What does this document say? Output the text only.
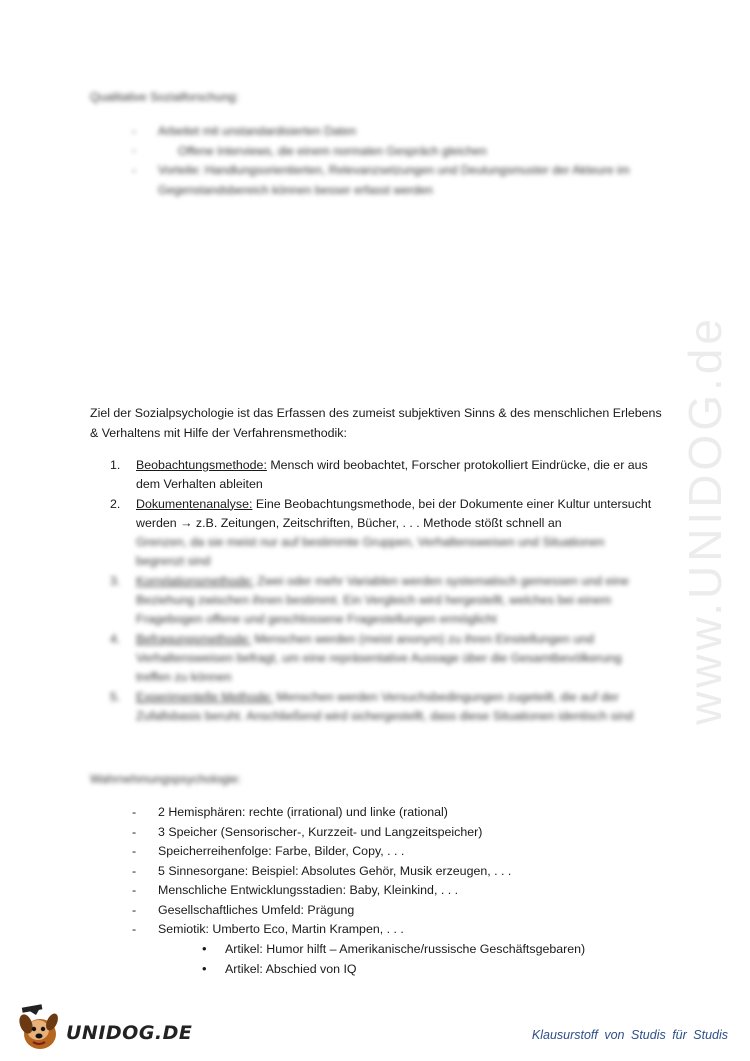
www.UNIDOG.de
Qualitative Sozialforschung:
- Arbeitet mit unstandardisierten Daten
- Offene Interviews, die einem normalen Gespräch gleichen
- Vorteile: Handlungsorientierten, Relevanzsetzungen und Deutungsmuster der Akteure im Gegenstandsbereich können besser erfasst werden
Ziel der Sozialpsychologie ist das Erfassen des zumeist subjektiven Sinns & des menschlichen Erlebens & Verhaltens mit Hilfe der Verfahrensmethodik:
1. Beobachtungsmethode: Mensch wird beobachtet, Forscher protokolliert Eindrücke, die er aus dem Verhalten ableiten
2. Dokumentenanalyse: Eine Beobachtungsmethode, bei der Dokumente einer Kultur untersucht werden → z.B. Zeitungen, Zeitschriften, Bücher, . . . Methode stößt schnell an
Grenzen, da sie meist nur auf bestimmte Gruppen, Verhaltensweisen und Situationen begrenzt sind
3. Korrelationsmethode: Zwei oder mehr Variablen werden systematisch gemessen und eine Beziehung zwischen ihnen bestimmt. Ein Vergleich wird hergestellt, welches bei einem Fragebogen offene und geschlossene Fragestellungen ermöglicht
4. Befragungsmethode: Menschen werden (meist anonym) zu ihren Einstellungen und Verhaltensweisen befragt, um eine repräsentative Aussage über die Gesamtbevölkerung treffen zu können
5. Experimentelle Methode: Menschen werden Versuchsbedingungen zugeteilt, die auf der Zufallsbasis beruht. Anschließend wird sichergestellt, dass diese Situationen identisch sind
Wahrnehmungspsychologie:
- 2 Hemisphären: rechte (irrational) und linke (rational)
- 3 Speicher (Sensorischer-, Kurzzeit- und Langzeitspeicher)
- Speicherreihenfolge: Farbe, Bilder, Copy, . . .
- 5 Sinnesorgane: Beispiel: Absolutes Gehör, Musik erzeugen, . . .
- Menschliche Entwicklungsstadien: Baby, Kleinkind, . . .
- Gesellschaftliches Umfeld: Prägung
- Semiotik: Umberto Eco, Martin Krampen, . . .
• Artikel: Humor hilft – Amerikanische/russische Geschäftsgebaren)
• Artikel: Abschied von IQ
UNIDOG.DE	Klausurstoff von Studis für Studis
